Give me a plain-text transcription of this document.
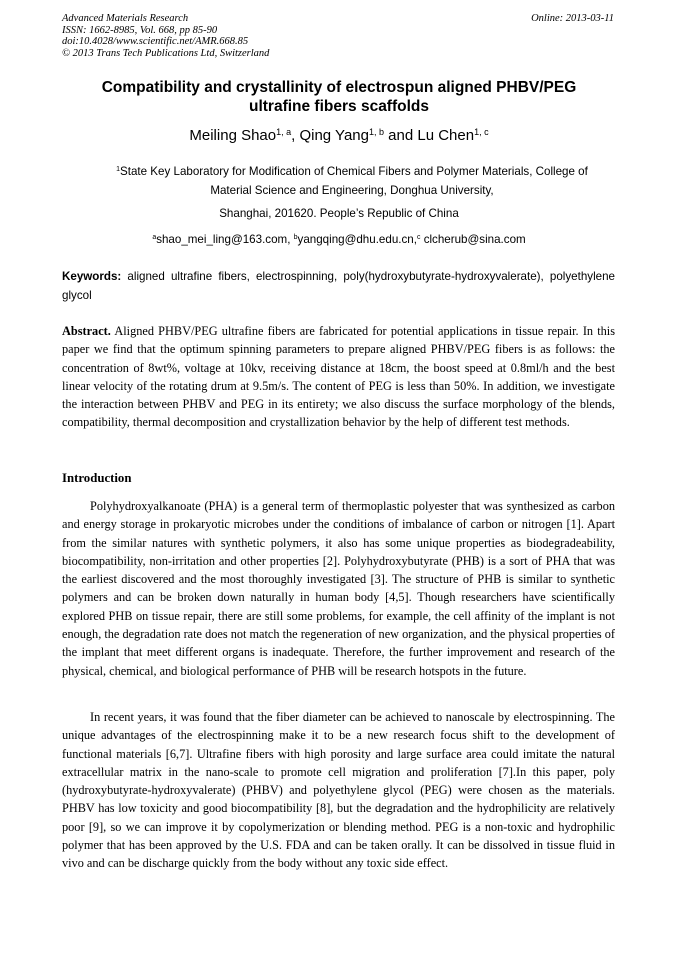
Advanced Materials Research
ISSN: 1662-8985, Vol. 668, pp 85-90
doi:10.4028/www.scientific.net/AMR.668.85
© 2013 Trans Tech Publications Ltd, Switzerland
Online: 2013-03-11
Compatibility and crystallinity of electrospun aligned PHBV/PEG
ultrafine fibers scaffolds
Meiling Shao$^{1, a}$, Qing Yang$^{1, b}$ and Lu Chen$^{1, c}$
$^1$State Key Laboratory for Modification of Chemical Fibers and Polymer Materials, College of
Material Science and Engineering, Donghua University,
Shanghai, 201620. People’s Republic of China
$^a$shao_mei_ling@163.com, $^b$yangqing@dhu.edu.cn,$^c$ clcherub@sina.com
Keywords: aligned ultrafine fibers, electrospinning, poly(hydroxybutyrate-hydroxyvalerate), polyethylene glycol
Abstract. Aligned PHBV/PEG ultrafine fibers are fabricated for potential applications in tissue repair. In this paper we find that the optimum spinning parameters to prepare aligned PHBV/PEG fibers is as follows: the concentration of 8wt%, voltage at 10kv, receiving distance at 18cm, the boost speed at 0.8ml/h and the best linear velocity of the rotating drum at 9.5m/s. The content of PEG is less than 50%. In addition, we investigate the interaction between PHBV and PEG in its entirety; we also discuss the surface morphology of the blends, compatibility, thermal decomposition and crystallization behavior by the help of different test methods.
Introduction
Polyhydroxyalkanoate (PHA) is a general term of thermoplastic polyester that was synthesized as carbon and energy storage in prokaryotic microbes under the conditions of imbalance of carbon or nitrogen [1]. Apart from the similar natures with synthetic polymers, it also has some unique properties as biodegradeability, biocompatibility, non-irritation and other properties [2]. Polyhydroxybutyrate (PHB) is a sort of PHA that was the earliest discovered and the most thoroughly investigated [3]. The structure of PHB is similar to synthetic polymers and can be broken down naturally in human body [4,5]. Though researchers have scientifically explored PHB on tissue repair, there are still some problems, for example, the cell affinity of the implant is not enough, the degradation rate does not match the regeneration of new organization, and the physical properties of the implant that meet different organs is inadequate. Therefore, the further improvement and research of the physical, chemical, and biological performance of PHB will be research hotspots in the future.
In recent years, it was found that the fiber diameter can be achieved to nanoscale by electrospinning. The unique advantages of the electrospinning make it to be a new research focus shift to the development of functional materials [6,7]. Ultrafine fibers with high porosity and large surface area could imitate the natural extracellular matrix in the nano-scale to promote cell migration and proliferation [7].In this paper, poly (hydroxybutyrate-hydroxyvalerate) (PHBV) and polyethylene glycol (PEG) were chosen as the materials. PHBV has low toxicity and good biocompatibility [8], but the degradation and the hydrophilicity are relatively poor [9], so we can improve it by copolymerization or blending method. PEG is a non-toxic and hydrophilic polymer that has been approved by the U.S. FDA and can be taken orally. It can be dissolved in tissue fluid in vivo and can be discharge quickly from the body without any toxic side effect.
